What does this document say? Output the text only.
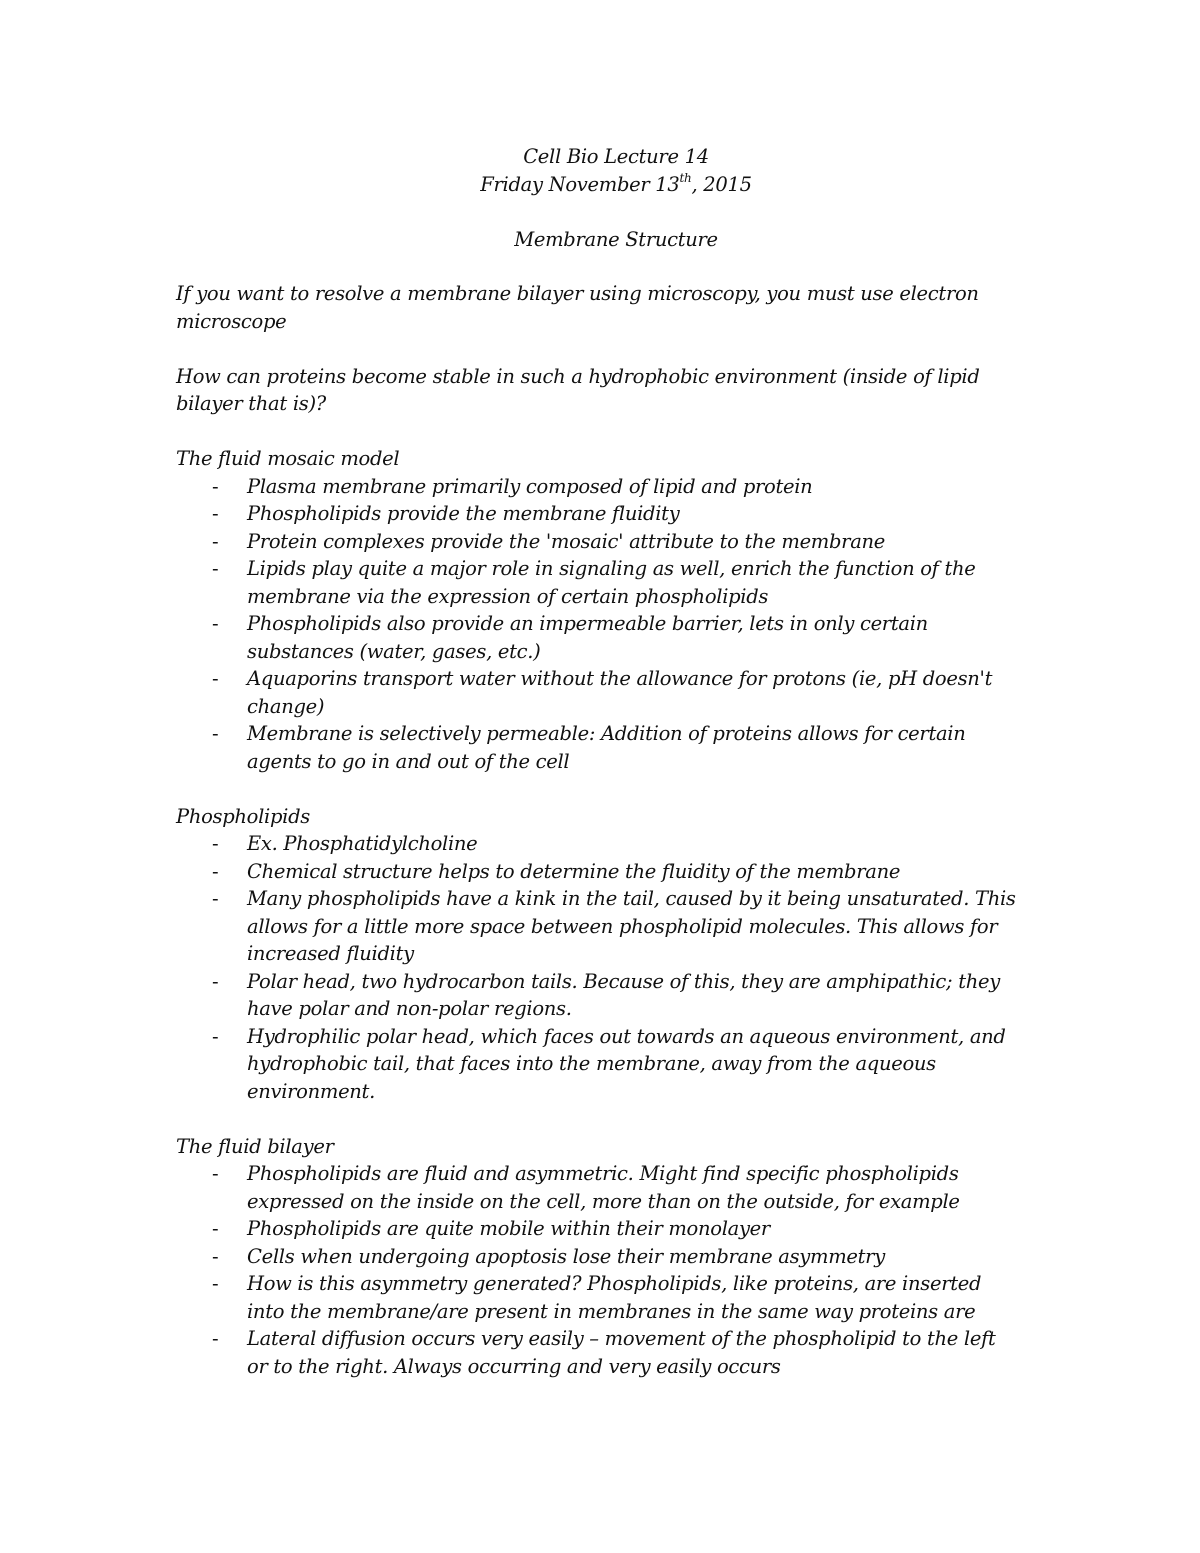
Cell Bio Lecture 14
Friday November 13th, 2015
Membrane Structure

If you want to resolve a membrane bilayer using microscopy, you must use electron microscope

How can proteins become stable in such a hydrophobic environment (inside of lipid bilayer that is)?

The fluid mosaic model
- Plasma membrane primarily composed of lipid and protein
- Phospholipids provide the membrane fluidity
- Protein complexes provide the 'mosaic' attribute to the membrane
- Lipids play quite a major role in signaling as well, enrich the function of the membrane via the expression of certain phospholipids
- Phospholipids also provide an impermeable barrier, lets in only certain substances (water, gases, etc.)
- Aquaporins transport water without the allowance for protons (ie, pH doesn't change)
- Membrane is selectively permeable: Addition of proteins allows for certain agents to go in and out of the cell
Phospholipids
- Ex. Phosphatidylcholine
- Chemical structure helps to determine the fluidity of the membrane
- Many phospholipids have a kink in the tail, caused by it being unsaturated. This allows for a little more space between phospholipid molecules. This allows for increased fluidity
- Polar head, two hydrocarbon tails. Because of this, they are amphipathic; they have polar and non-polar regions.
- Hydrophilic polar head, which faces out towards an aqueous environment, and hydrophobic tail, that faces into the membrane, away from the aqueous environment.
The fluid bilayer
- Phospholipids are fluid and asymmetric. Might find specific phospholipids expressed on the inside on the cell, more than on the outside, for example
- Phospholipids are quite mobile within their monolayer
- Cells when undergoing apoptosis lose their membrane asymmetry
- How is this asymmetry generated? Phospholipids, like proteins, are inserted into the membrane/are present in membranes in the same way proteins are
- Lateral diffusion occurs very easily – movement of the phospholipid to the left or to the right. Always occurring and very easily occurs
